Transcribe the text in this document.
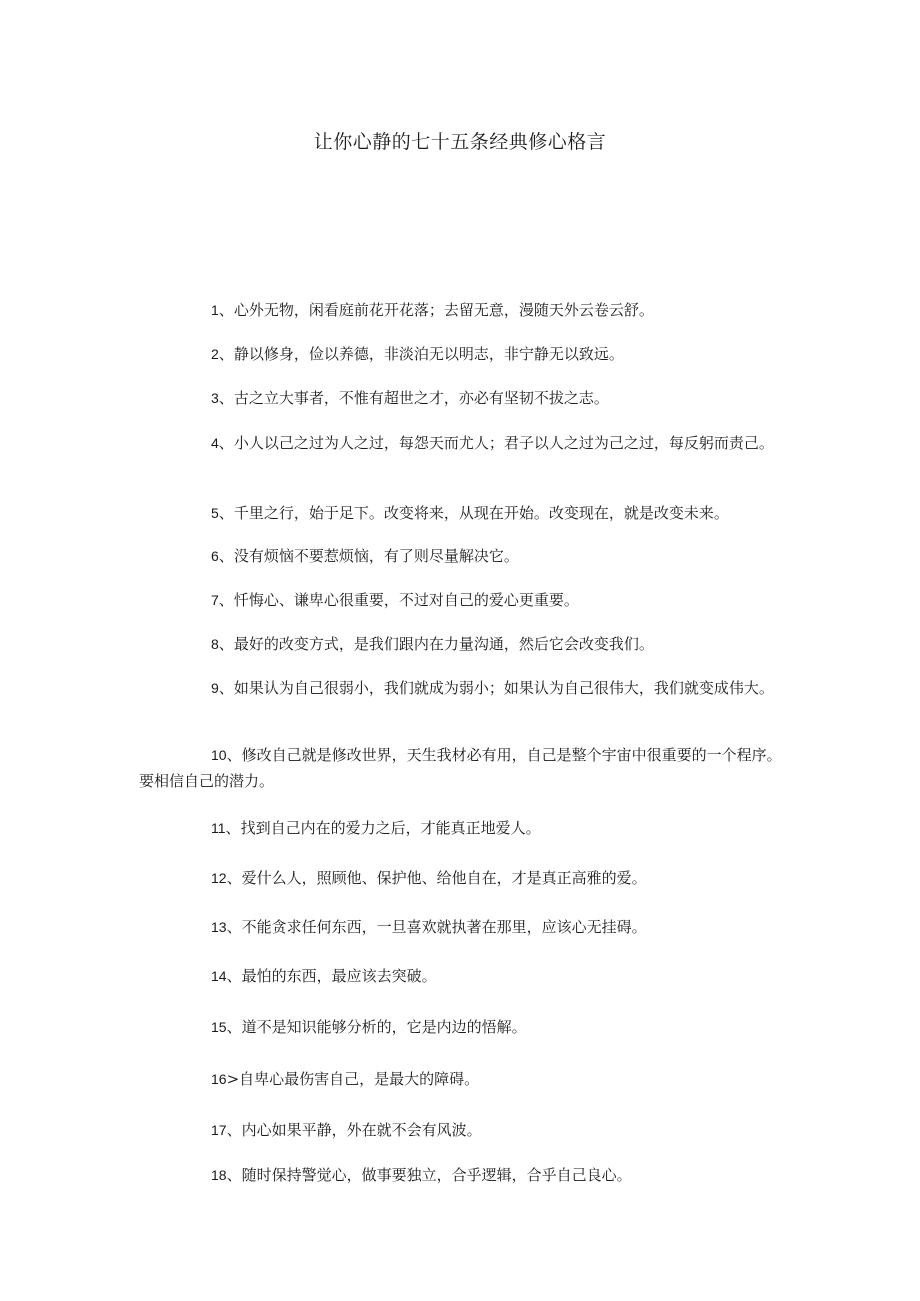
让你心静的七十五条经典修心格言

1、心外无物，闲看庭前花开花落；去留无意，漫随天外云卷云舒。

2、静以修身，俭以养德，非淡泊无以明志，非宁静无以致远。

3、古之立大事者，不惟有超世之才，亦必有坚韧不拔之志。

4、小人以己之过为人之过，每怨天而尤人；君子以人之过为己之过，每反躬而责己。

5、千里之行，始于足下。改变将来，从现在开始。改变现在，就是改变未来。

6、没有烦恼不要惹烦恼，有了则尽量解决它。

7、忏悔心、谦卑心很重要，不过对自己的爱心更重要。

8、最好的改变方式，是我们跟内在力量沟通，然后它会改变我们。

9、如果认为自己很弱小，我们就成为弱小；如果认为自己很伟大，我们就变成伟大。

10、修改自己就是修改世界，天生我材必有用，自己是整个宇宙中很重要的一个程序。要相信自己的潜力。

11、找到自己内在的爱力之后，才能真正地爱人。

12、爱什么人，照顾他、保护他、给他自在，才是真正高雅的爱。

13、不能贪求任何东西，一旦喜欢就执著在那里，应该心无挂碍。

14、最怕的东西，最应该去突破。

15、道不是知识能够分析的，它是内边的悟解。

16>自卑心最伤害自己，是最大的障碍。

17、内心如果平静，外在就不会有风波。

18、随时保持警觉心，做事要独立，合乎逻辑，合乎自己良心。
